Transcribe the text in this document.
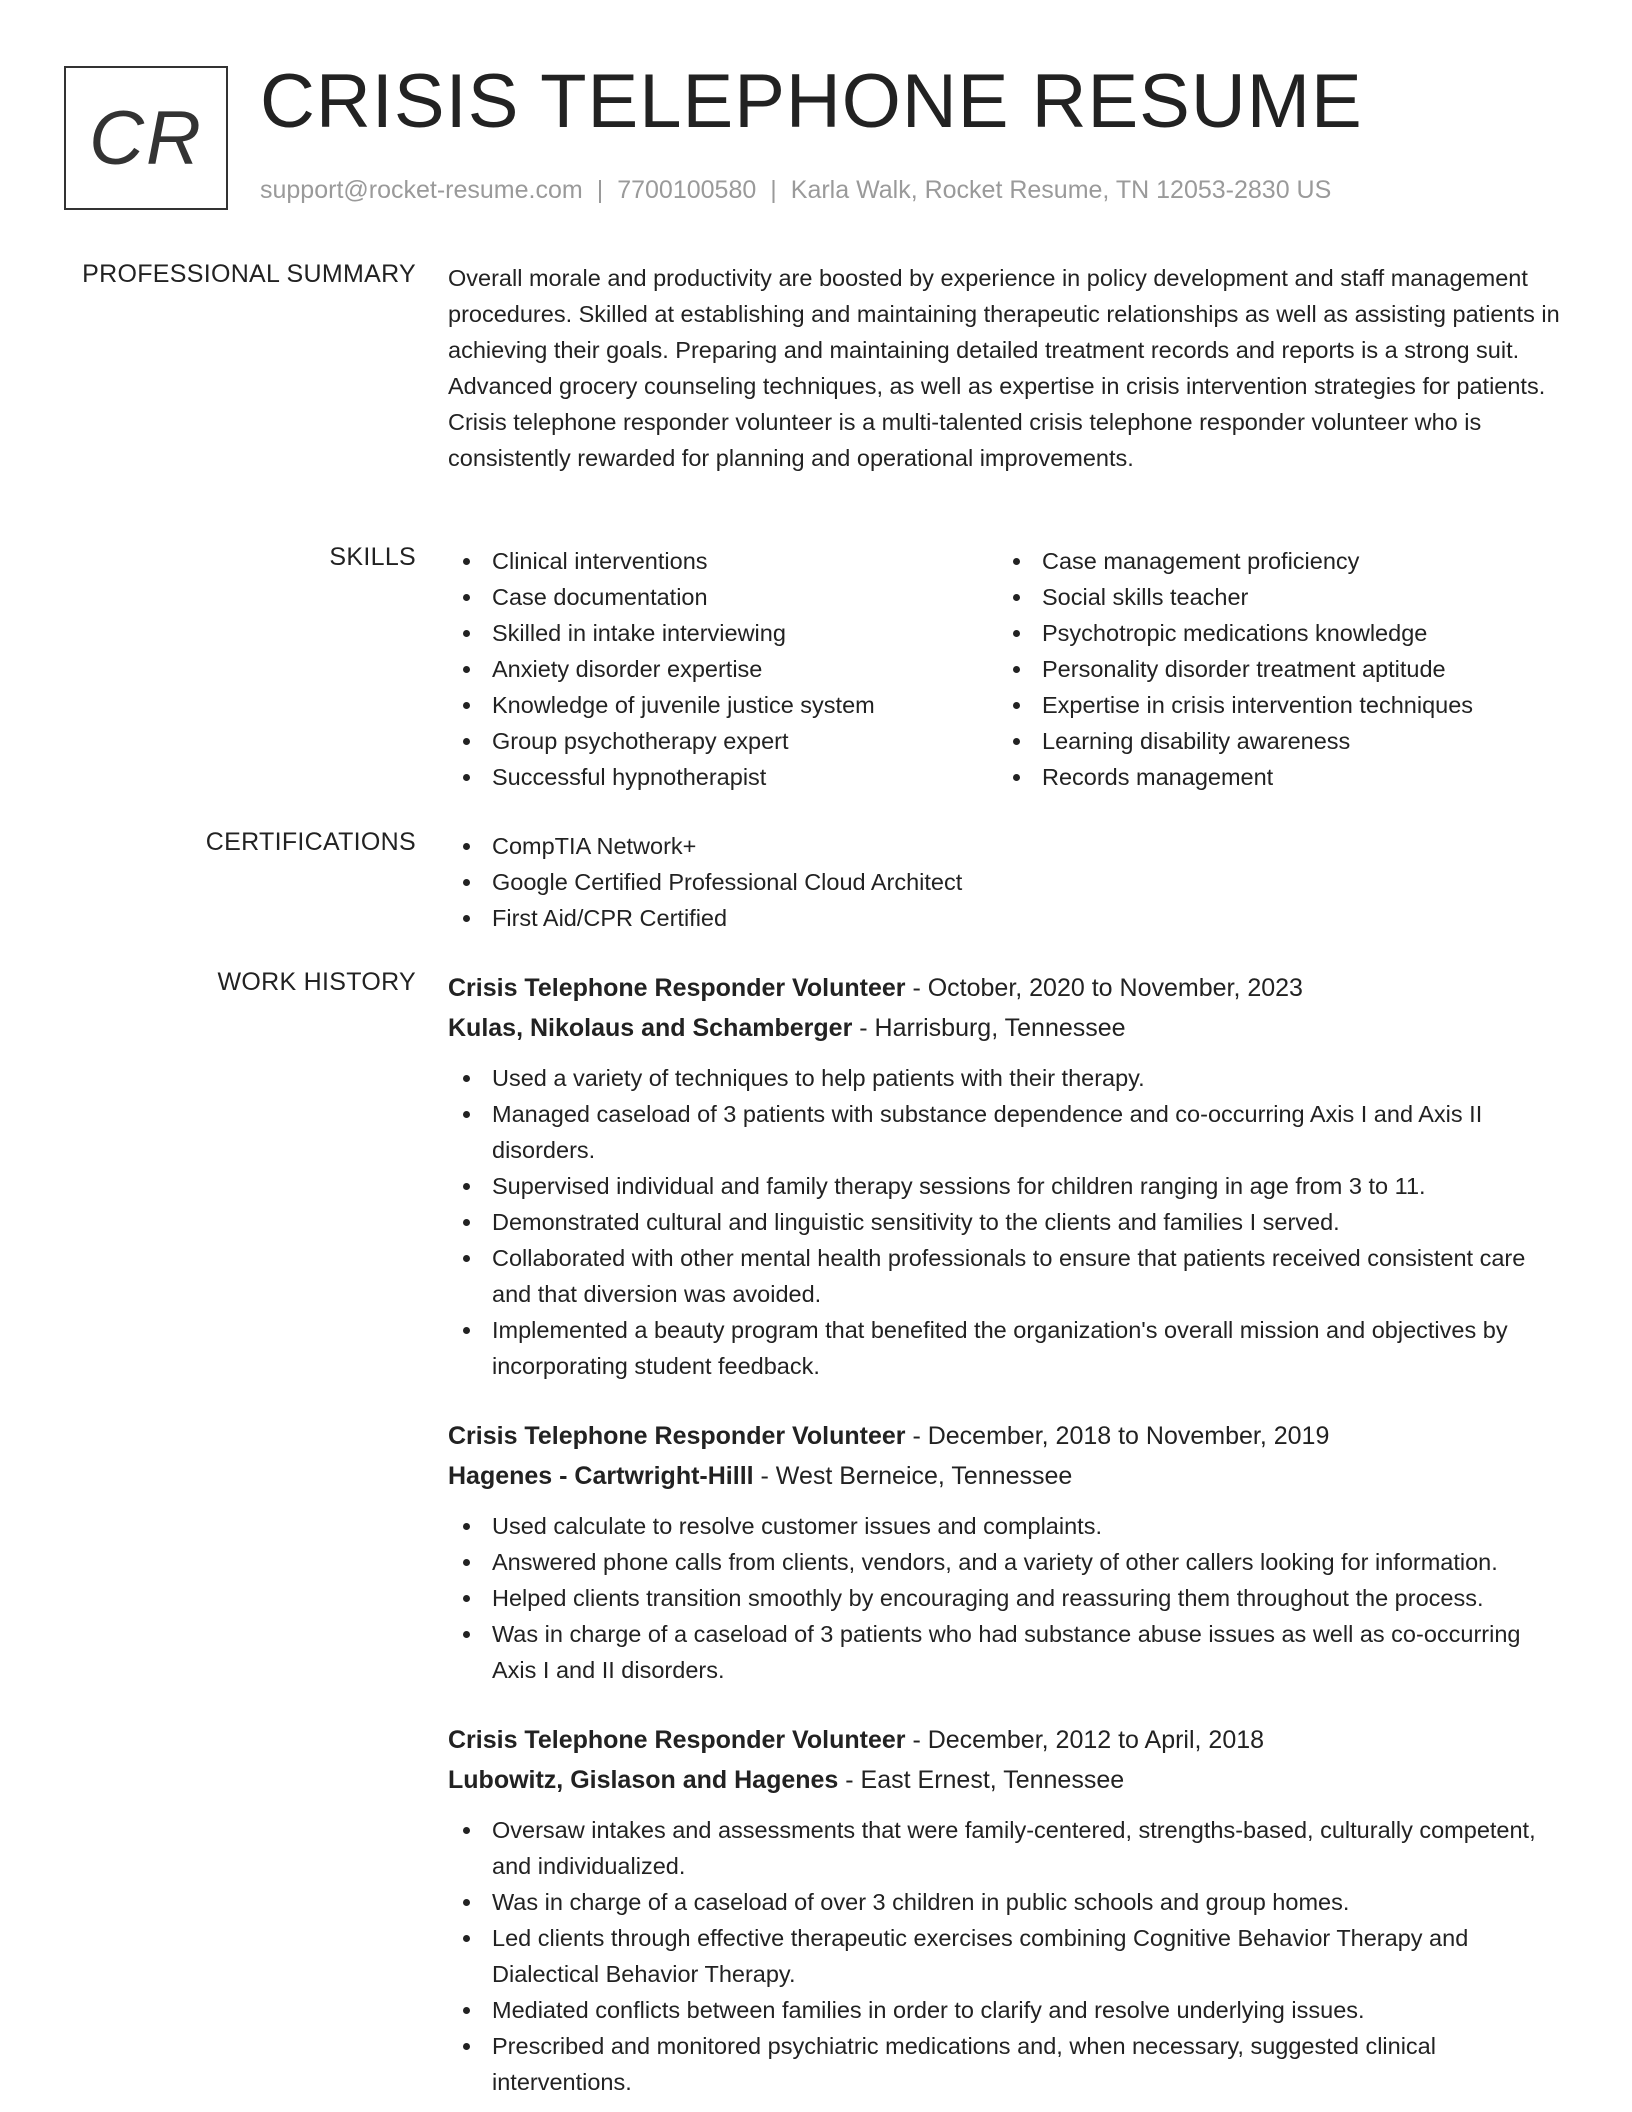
CR CRISIS TELEPHONE RESUME
support@rocket-resume.com | 7700100580 | Karla Walk, Rocket Resume, TN 12053-2830 US
PROFESSIONAL SUMMARY Overall morale and productivity are boosted by experience in policy development and staff management procedures. Skilled at establishing and maintaining therapeutic relationships as well as assisting patients in achieving their goals. Preparing and maintaining detailed treatment records and reports is a strong suit. Advanced grocery counseling techniques, as well as expertise in crisis intervention strategies for patients. Crisis telephone responder volunteer is a multi-talented crisis telephone responder volunteer who is consistently rewarded for planning and operational improvements.
SKILLS	Clinical interventions
Case documentation
Skilled in intake interviewing
Anxiety disorder expertise
Knowledge of juvenile justice system
Group psychotherapy expert
Successful hypnotherapist
Case management proficiency
Social skills teacher
Psychotropic medications knowledge
Personality disorder treatment aptitude
Expertise in crisis intervention techniques
Learning disability awareness
Records management
CERTIFICATIONS	CompTIA Network+
Google Certified Professional Cloud Architect
First Aid/CPR Certified
WORK HISTORY Crisis Telephone Responder Volunteer - October, 2020 to November, 2023
Kulas, Nikolaus and Schamberger - Harrisburg, Tennessee
Used a variety of techniques to help patients with their therapy.
Managed caseload of 3 patients with substance dependence and co-occurring Axis I and Axis II disorders.
Supervised individual and family therapy sessions for children ranging in age from 3 to 11.
Demonstrated cultural and linguistic sensitivity to the clients and families I served.
Collaborated with other mental health professionals to ensure that patients received consistent care and that diversion was avoided.
Implemented a beauty program that benefited the organization's overall mission and objectives by incorporating student feedback.
Crisis Telephone Responder Volunteer - December, 2018 to November, 2019
Hagenes - Cartwright-Hilll - West Berneice, Tennessee
Used calculate to resolve customer issues and complaints.
Answered phone calls from clients, vendors, and a variety of other callers looking for information.
Helped clients transition smoothly by encouraging and reassuring them throughout the process.
Was in charge of a caseload of 3 patients who had substance abuse issues as well as co-occurring Axis I and II disorders.
Crisis Telephone Responder Volunteer - December, 2012 to April, 2018
Lubowitz, Gislason and Hagenes - East Ernest, Tennessee
Oversaw intakes and assessments that were family-centered, strengths-based, culturally competent, and individualized.
Was in charge of a caseload of over 3 children in public schools and group homes.
Led clients through effective therapeutic exercises combining Cognitive Behavior Therapy and Dialectical Behavior Therapy.
Mediated conflicts between families in order to clarify and resolve underlying issues.
Prescribed and monitored psychiatric medications and, when necessary, suggested clinical interventions.
